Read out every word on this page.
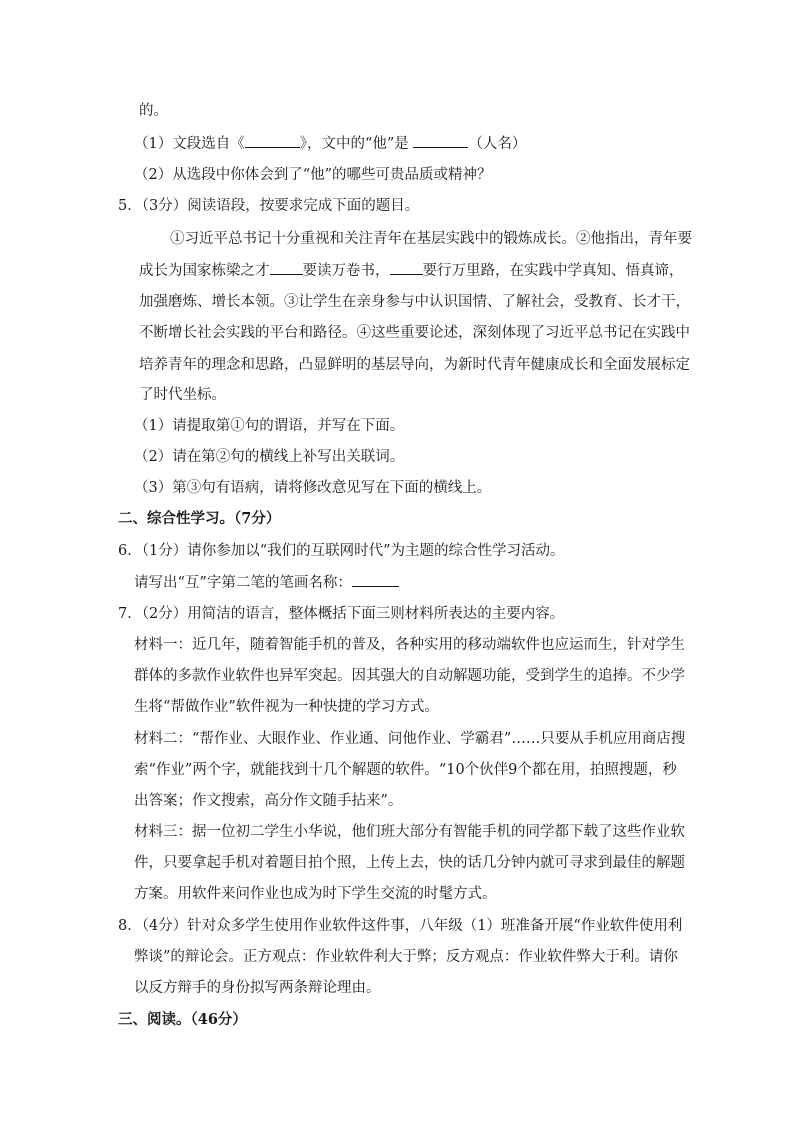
的。
（1）文段选自《	》，文中的“他”是	（人名）
（2）从选段中你体会到了“他”的哪些可贵品质或精神？
5．（3分）阅读语段，按要求完成下面的题目。
①习近平总书记十分重视和关注青年在基层实践中的锻炼成长。②他指出，青年要
成长为国家栋梁之才 要读万卷书， 要行万里路，在实践中学真知、悟真谛，
加强磨炼、增长本领。③让学生在亲身参与中认识国情、了解社会，受教育、长才干，
不断增长社会实践的平台和路径。④这些重要论述，深刻体现了习近平总书记在实践中
培养青年的理念和思路，凸显鲜明的基层导向，为新时代青年健康成长和全面发展标定
了时代坐标。
（1）请提取第①句的谓语，并写在下面。
（2）请在第②句的横线上补写出关联词。
（3）第③句有语病，请将修改意见写在下面的横线上。
二、综合性学习。（7分）
6．（1分）请你参加以“我们的互联网时代”为主题的综合性学习活动。
请写出“互”字第二笔的笔画名称：
7．（2分）用简洁的语言，整体概括下面三则材料所表达的主要内容。
材料一：近几年，随着智能手机的普及，各种实用的移动端软件也应运而生，针对学生
群体的多款作业软件也异军突起。因其强大的自动解题功能，受到学生的追捧。不少学
生将“帮做作业”软件视为一种快捷的学习方式。
材料二：“帮作业、大眼作业、作业通、问他作业、学霸君”……只要从手机应用商店搜
索“作业”两个字，就能找到十几个解题的软件。“10个伙伴9个都在用，拍照搜题，秒
出答案；作文搜索，高分作文随手拈来”。
材料三：据一位初二学生小华说，他们班大部分有智能手机的同学都下载了这些作业软
件，只要拿起手机对着题目拍个照，上传上去，快的话几分钟内就可寻求到最佳的解题
方案。用软件来问作业也成为时下学生交流的时髦方式。
8．（4分）针对众多学生使用作业软件这件事，八年级（1）班准备开展“作业软件使用利
弊谈”的辩论会。正方观点：作业软件利大于弊；反方观点：作业软件弊大于利。请你
以反方辩手的身份拟写两条辩论理由。
三、阅读。（46分）
